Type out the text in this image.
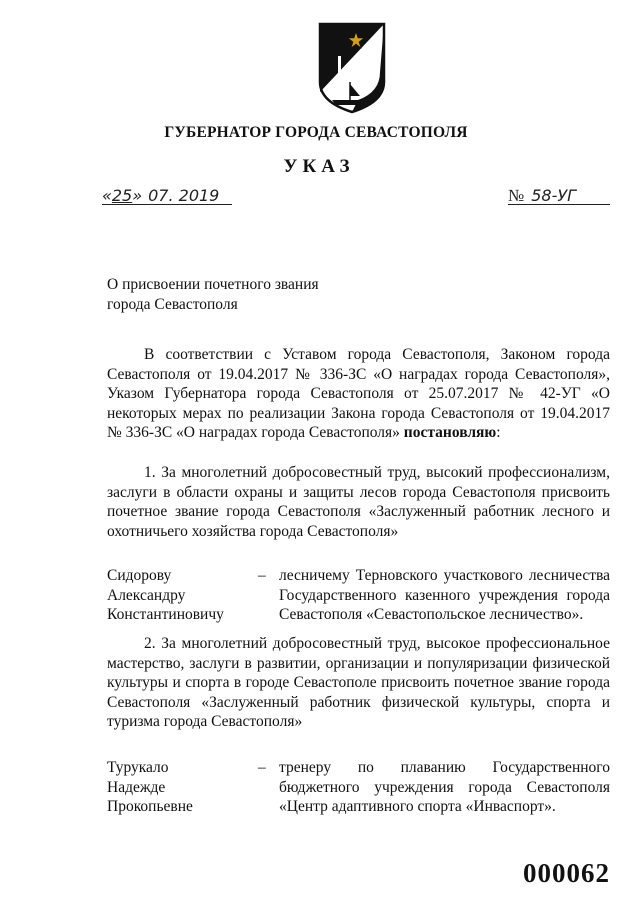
ГУБЕРНАТОР ГОРОДА СЕВАСТОПОЛЯ
УКАЗ
«25» 07. 2019	№ 58-УГ
О присвоении почетного звания
города Севастополя
В соответствии с Уставом города Севастополя, Законом города Севастополя от 19.04.2017 № 336-ЗС «О наградах города Севастополя», Указом Губернатора города Севастополя от 25.07.2017 № 42-УГ «О некоторых мерах по реализации Закона города Севастополя от 19.04.2017 № 336-ЗС «О наградах города Севастополя» постановляю:
1. За многолетний добросовестный труд, высокий профессионализм, заслуги в области охраны и защиты лесов города Севастополя присвоить почетное звание города Севастополя «Заслуженный работник лесного и охотничьего хозяйства города Севастополя»
Сидорову
Александру
Константиновичу
– лесничему Терновского участкового лесничества Государственного казенного учреждения города Севастополя «Севастопольское лесничество».
2. За многолетний добросовестный труд, высокое профессиональное мастерство, заслуги в развитии, организации и популяризации физической культуры и спорта в городе Севастополе присвоить почетное звание города Севастополя «Заслуженный работник физической культуры, спорта и туризма города Севастополя»
Турукало
Надежде
Прокопьевне
– тренеру по плаванию Государственного бюджетного учреждения города Севастополя «Центр адаптивного спорта «Инваспорт».
000062
